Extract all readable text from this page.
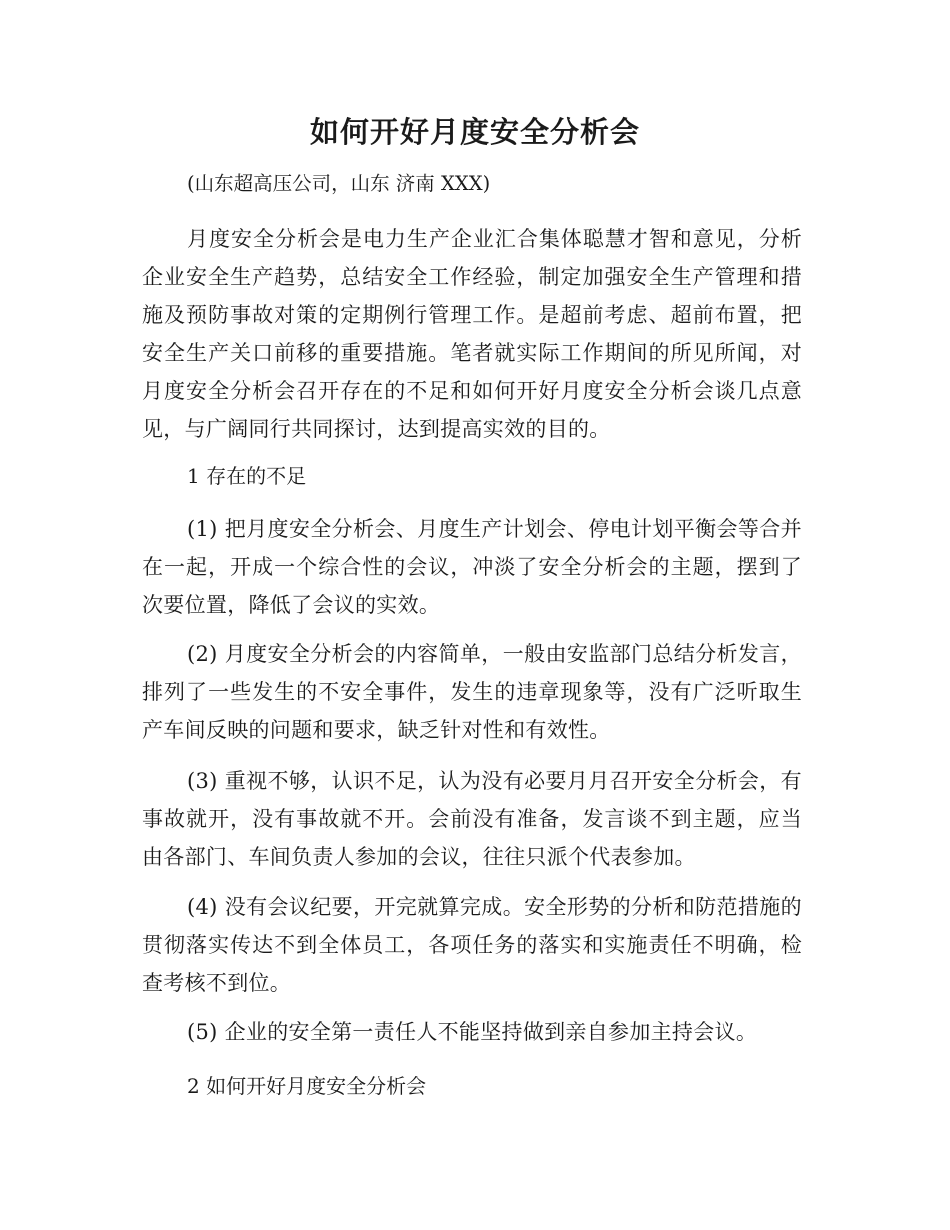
如何开好月度安全分析会

(山东超高压公司，山东 济南 XXX)

月度安全分析会是电力生产企业汇合集体聪慧才智和意见，分析企业安全生产趋势，总结安全工作经验，制定加强安全生产管理和措施及预防事故对策的定期例行管理工作。是超前考虑、超前布置，把安全生产关口前移的重要措施。笔者就实际工作期间的所见所闻，对月度安全分析会召开存在的不足和如何开好月度安全分析会谈几点意见，与广阔同行共同探讨，达到提高实效的目的。

1 存在的不足

(1) 把月度安全分析会、月度生产计划会、停电计划平衡会等合并在一起，开成一个综合性的会议，冲淡了安全分析会的主题，摆到了次要位置，降低了会议的实效。

(2) 月度安全分析会的内容简单，一般由安监部门总结分析发言，排列了一些发生的不安全事件，发生的违章现象等，没有广泛听取生产车间反映的问题和要求，缺乏针对性和有效性。

(3) 重视不够，认识不足，认为没有必要月月召开安全分析会，有事故就开，没有事故就不开。会前没有准备，发言谈不到主题，应当由各部门、车间负责人参加的会议，往往只派个代表参加。

(4) 没有会议纪要，开完就算完成。安全形势的分析和防范措施的贯彻落实传达不到全体员工，各项任务的落实和实施责任不明确，检查考核不到位。

(5) 企业的安全第一责任人不能坚持做到亲自参加主持会议。

2 如何开好月度安全分析会
